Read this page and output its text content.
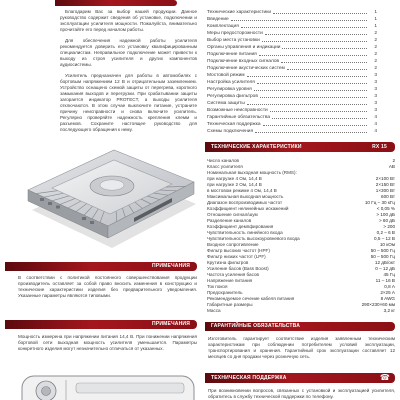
Благодарим Вас за выбор нашей продукции. Данное руководство содержит сведения об установке, подключении и эксплуатации усилителя мощности. Пожалуйста, внимательно прочитайте его перед началом работы.

Для обеспечения надежной работы усилителя рекомендуется доверить его установку квалифицированным специалистам. Неправильное подключение может привести к выходу из строя усилителя и других компонентов аудиосистемы.

Усилитель предназначен для работы в автомобилях с бортовым напряжением 12 В и отрицательным заземлением. Устройство оснащено схемой защиты от перегрева, короткого замыкания выходов и перегрузки. При срабатывании защиты загорается индикатор PROTECT, а выходы усилителя отключаются. В этом случае выключите питание, устраните причину неисправности и снова включите усилитель. Регулярно проверяйте надежность крепления клемм и разъемов. Сохраните настоящее руководство для последующего обращения к нему.

Технические характеристики	1
Введение	1
Комплектация	1
Меры предосторожности	2
Выбор места установки	2
Органы управления и индикации	2
Подключение питания	2
Подключение входных сигналов	2
Подключение акустических систем	2
Мостовой режим	3
Настройка усилителя	3
Регулировка уровня	3
Регулировка фильтров	3
Система защиты	3
Возможные неисправности	3
Гарантийные обязательства	4
Техническая поддержка	4
Схемы подключения	4
ТЕХНИЧЕСКИЕ ХАРАКТЕРИСТИКИ	RX 15
Число каналов	2
Класс усилителя	AB
Номинальная выходная мощность (RMS):
при нагрузке 4 Ом, 14,4 В	2×100 Вт
при нагрузке 2 Ом, 14,4 В	2×150 Вт
в мостовом режиме 4 Ом, 14,4 В	1×300 Вт
Максимальная выходная мощность	600 Вт
Диапазон воспроизводимых частот	10 Гц – 30 кГц
Коэффициент нелинейных искажений	< 0,05 %
Отношение сигнал/шум	> 100 дБ
Разделение каналов	> 60 дБ
Коэффициент демпфирования	> 200
Чувствительность линейного входа	0,2 – 6 В
Чувствительность высокоуровневого входа	0,5 – 12 В
Входное сопротивление	10 кОм
Фильтр высоких частот (HPF)	50 – 500 Гц
Фильтр низких частот (LPF)	50 – 500 Гц
Крутизна фильтров	12 дБ/окт
Усиление басов (Bass Boost)	0 – 12 дБ
Частота усиления басов	45 Гц
Напряжение питания	11 – 16 В
Ток покоя	0,8 А
Предохранитель	2×25 А
Рекомендуемое сечение кабеля питания	8 AWG
Габаритные размеры	290×230×60 мм
Масса	3,2 кг
ПРИМЕЧАНИЯ
В соответствии с политикой постоянного совершенствования продукции производитель оставляет за собой право вносить изменения в конструкцию и технические характеристики изделия без предварительного уведомления. Указанные параметры являются типовыми.
ПРИМЕЧАНИЯ
Мощность измерена при напряжении питания 14,4 В. При понижении напряжения бортовой сети выходная мощность усилителя уменьшается. Параметры конкретного изделия могут незначительно отличаться от указанных.
ГАРАНТИЙНЫЕ ОБЯЗАТЕЛЬСТВА
Изготовитель гарантирует соответствие изделия заявленным техническим характеристикам при соблюдении потребителем условий эксплуатации, транспортирования и хранения. Гарантийный срок эксплуатации составляет 12 месяцев со дня продажи через розничную сеть.
ТЕХНИЧЕСКАЯ ПОДДЕРЖКА	☎
При возникновении вопросов, связанных с установкой и эксплуатацией усилителя, обратитесь в службу технической поддержки по телефону.
